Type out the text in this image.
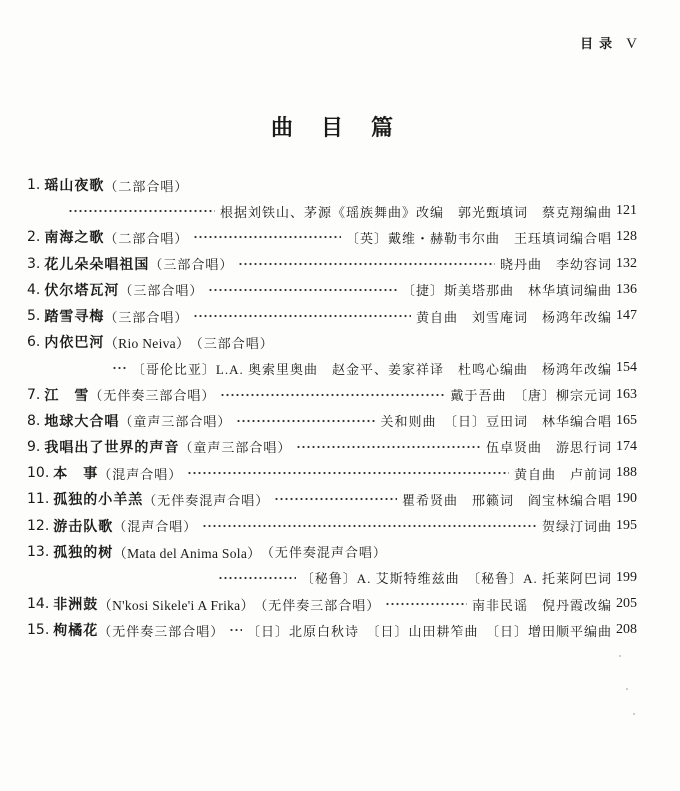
目录 V
曲目篇
1. 瑶山夜歌 （二部合唱）
根据刘铁山、茅源《瑶族舞曲》改编　郭光甄填词　蔡克翔编曲 121
2. 南海之歌 （二部合唱）	〔英〕戴维・赫勒韦尔曲　王珏填词编合唱 128
3. 花儿朵朵唱祖国 （三部合唱）	晓丹曲　李幼容词 132
4. 伏尔塔瓦河 （三部合唱）	〔捷〕斯美塔那曲　林华填词编曲 136
5. 踏雪寻梅 （三部合唱）	黄自曲　刘雪庵词　杨鸿年改编 147
6. 内依巴河 （Rio Neiva） （三部合唱）
〔哥伦比亚〕L.A. 奥索里奥曲　赵金平、姜家祥译　杜鸣心编曲　杨鸿年改编 154
7. 江　雪 （无伴奏三部合唱）	戴于吾曲　〔唐〕柳宗元词 163
8. 地球大合唱 （童声三部合唱）	关和则曲　〔日〕豆田词　林华编合唱 165
9. 我唱出了世界的声音 （童声三部合唱）	伍卓贤曲　游思行词 174
10. 本　事 （混声合唱）	黄自曲　卢前词 188
11. 孤独的小羊羔 （无伴奏混声合唱）	瞿希贤曲　邢籁词　阎宝林编合唱 190
12. 游击队歌 （混声合唱）	贺绿汀词曲 195
13. 孤独的树 （Mata del Anima Sola） （无伴奏混声合唱）
〔秘鲁〕A. 艾斯特维兹曲　〔秘鲁〕A. 托莱阿巴词 199
14. 非洲鼓 （N'kosi Sikele'i A Frika） （无伴奏三部合唱）	南非民谣　倪丹霞改编 205
15. 枸橘花 （无伴奏三部合唱） 〔日〕北原白秋诗　〔日〕山田耕笮曲　〔日〕增田顺平编曲 208
